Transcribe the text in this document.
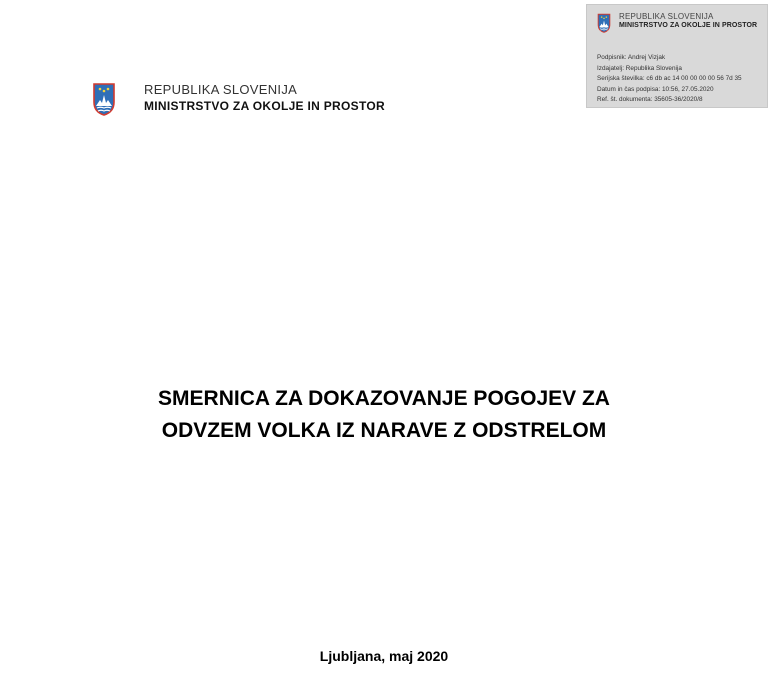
REPUBLIKA SLOVENIJA
MINISTRSTVO ZA OKOLJE IN PROSTOR
Podpisnik: Andrej Vizjak
Izdajatelj: Republika Slovenija
Serijska številka: c6 db ac 14 00 00 00 00 56 7d 35
Datum in čas podpisa: 10:56, 27.05.2020
Ref. št. dokumenta: 35605-36/2020/8
REPUBLIKA SLOVENIJA
MINISTRSTVO ZA OKOLJE IN PROSTOR
SMERNICA ZA DOKAZOVANJE POGOJEV ZA
ODVZEM VOLKA IZ NARAVE Z ODSTRELOM
Ljubljana, maj 2020
